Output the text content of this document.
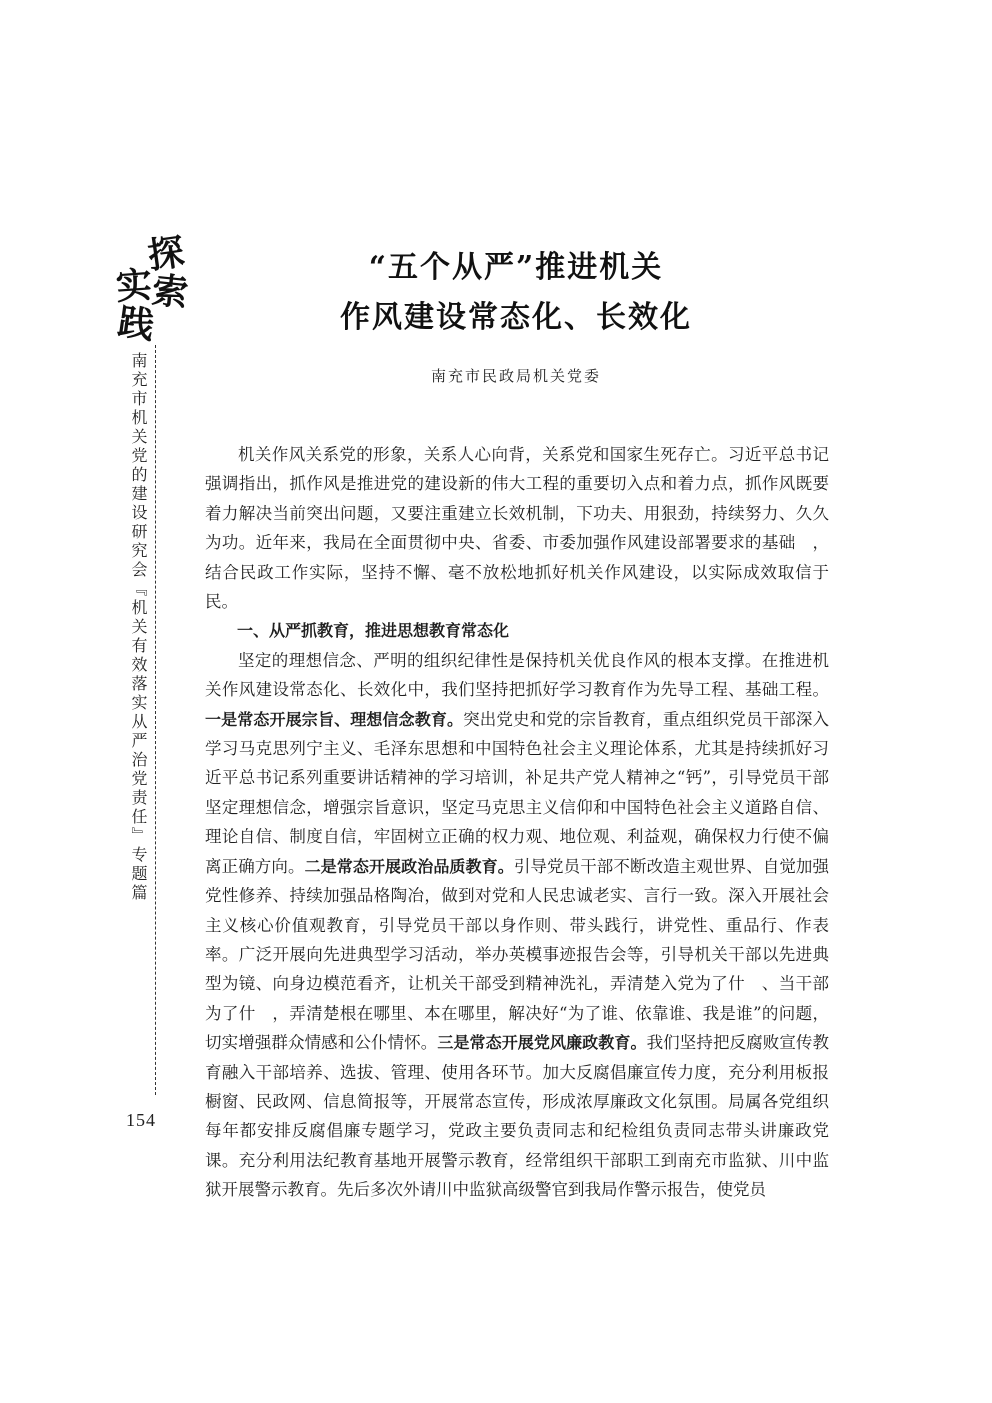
探
索
实
践
南充市机关党的建设研究会『机关有效落实从严治党责任』专题篇
154
“五个从严”推进机关
作风建设常态化、长效化
南充市民政局机关党委

机关作风关系党的形象，关系人心向背，关系党和国家生死存亡。习近平总书记强调指出，抓作风是推进党的建设新的伟大工程的重要切入点和着力点，抓作风既要着力解决当前突出问题，又要注重建立长效机制，下功夫、用狠劲，持续努力、久久为功。近年来，我局在全面贯彻中央、省委、市委加强作风建设部署要求的基础　，结合民政工作实际，坚持不懈、毫不放松地抓好机关作风建设，以实际成效取信于民。

一、从严抓教育，推进思想教育常态化

坚定的理想信念、严明的组织纪律性是保持机关优良作风的根本支撑。在推进机关作风建设常态化、长效化中，我们坚持把抓好学习教育作为先导工程、基础工程。一是常态开展宗旨、理想信念教育。突出党史和党的宗旨教育，重点组织党员干部深入学习马克思列宁主义、毛泽东思想和中国特色社会主义理论体系，尤其是持续抓好习近平总书记系列重要讲话精神的学习培训，补足共产党人精神之“钙”，引导党员干部坚定理想信念，增强宗旨意识，坚定马克思主义信仰和中国特色社会主义道路自信、理论自信、制度自信，牢固树立正确的权力观、地位观、利益观，确保权力行使不偏离正确方向。二是常态开展政治品质教育。引导党员干部不断改造主观世界、自觉加强党性修养、持续加强品格陶冶，做到对党和人民忠诚老实、言行一致。深入开展社会主义核心价值观教育，引导党员干部以身作则、带头践行，讲党性、重品行、作表率。广泛开展向先进典型学习活动，举办英模事迹报告会等，引导机关干部以先进典型为镜、向身边模范看齐，让机关干部受到精神洗礼，弄清楚入党为了什　、当干部为了什　，弄清楚根在哪里、本在哪里，解决好“为了谁、依靠谁、我是谁”的问题，切实增强群众情感和公仆情怀。三是常态开展党风廉政教育。我们坚持把反腐败宣传教育融入干部培养、选拔、管理、使用各环节。加大反腐倡廉宣传力度，充分利用板报橱窗、民政网、信息简报等，开展常态宣传，形成浓厚廉政文化氛围。局属各党组织每年都安排反腐倡廉专题学习，党政主要负责同志和纪检组负责同志带头讲廉政党课。充分利用法纪教育基地开展警示教育，经常组织干部职工到南充市监狱、川中监狱开展警示教育。先后多次外请川中监狱高级警官到我局作警示报告，使党员
